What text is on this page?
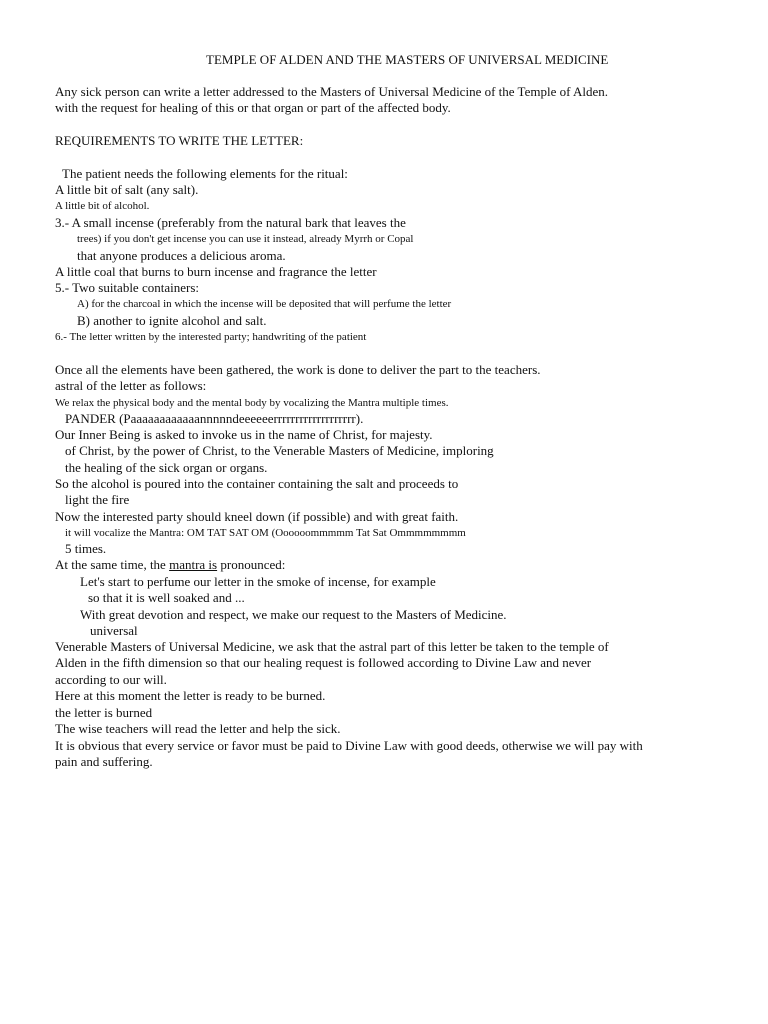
TEMPLE OF ALDEN AND THE MASTERS OF UNIVERSAL MEDICINE
Any sick person can write a letter addressed to the Masters of Universal Medicine of the Temple of Alden.
with the request for healing of this or that organ or part of the affected body.
REQUIREMENTS TO WRITE THE LETTER:
The patient needs the following elements for the ritual:
A little bit of salt (any salt).
A little bit of alcohol.
3.- A small incense (preferably from the natural bark that leaves the
trees) if you don't get incense you can use it instead, already Myrrh or Copal
that anyone produces a delicious aroma.
A little coal that burns to burn incense and fragrance the letter
5.- Two suitable containers:
A) for the charcoal in which the incense will be deposited that will perfume the letter
B) another to ignite alcohol and salt.
6.- The letter written by the interested party; handwriting of the patient
Once all the elements have been gathered, the work is done to deliver the part to the teachers.
astral of the letter as follows:
We relax the physical body and the mental body by vocalizing the Mantra multiple times.
PANDER (Paaaaaaaaaaaannnnndeeeeeerrrrrrrrrrrrrrrrrrr).
Our Inner Being is asked to invoke us in the name of Christ, for majesty.
of Christ, by the power of Christ, to the Venerable Masters of Medicine, imploring
the healing of the sick organ or organs.
So the alcohol is poured into the container containing the salt and proceeds to
light the fire
Now the interested party should kneel down (if possible) and with great faith.
it will vocalize the Mantra: OM TAT SAT OM (Oooooommmmm Tat Sat Ommmmmmmm
5 times.
At the same time, the mantra is pronounced:
Let's start to perfume our letter in the smoke of incense, for example
so that it is well soaked and ...
With great devotion and respect, we make our request to the Masters of Medicine.
universal
Venerable Masters of Universal Medicine, we ask that the astral part of this letter be taken to the temple of
Alden in the fifth dimension so that our healing request is followed according to Divine Law and never
according to our will.
Here at this moment the letter is ready to be burned.
the letter is burned
The wise teachers will read the letter and help the sick.
It is obvious that every service or favor must be paid to Divine Law with good deeds, otherwise we will pay with
pain and suffering.
